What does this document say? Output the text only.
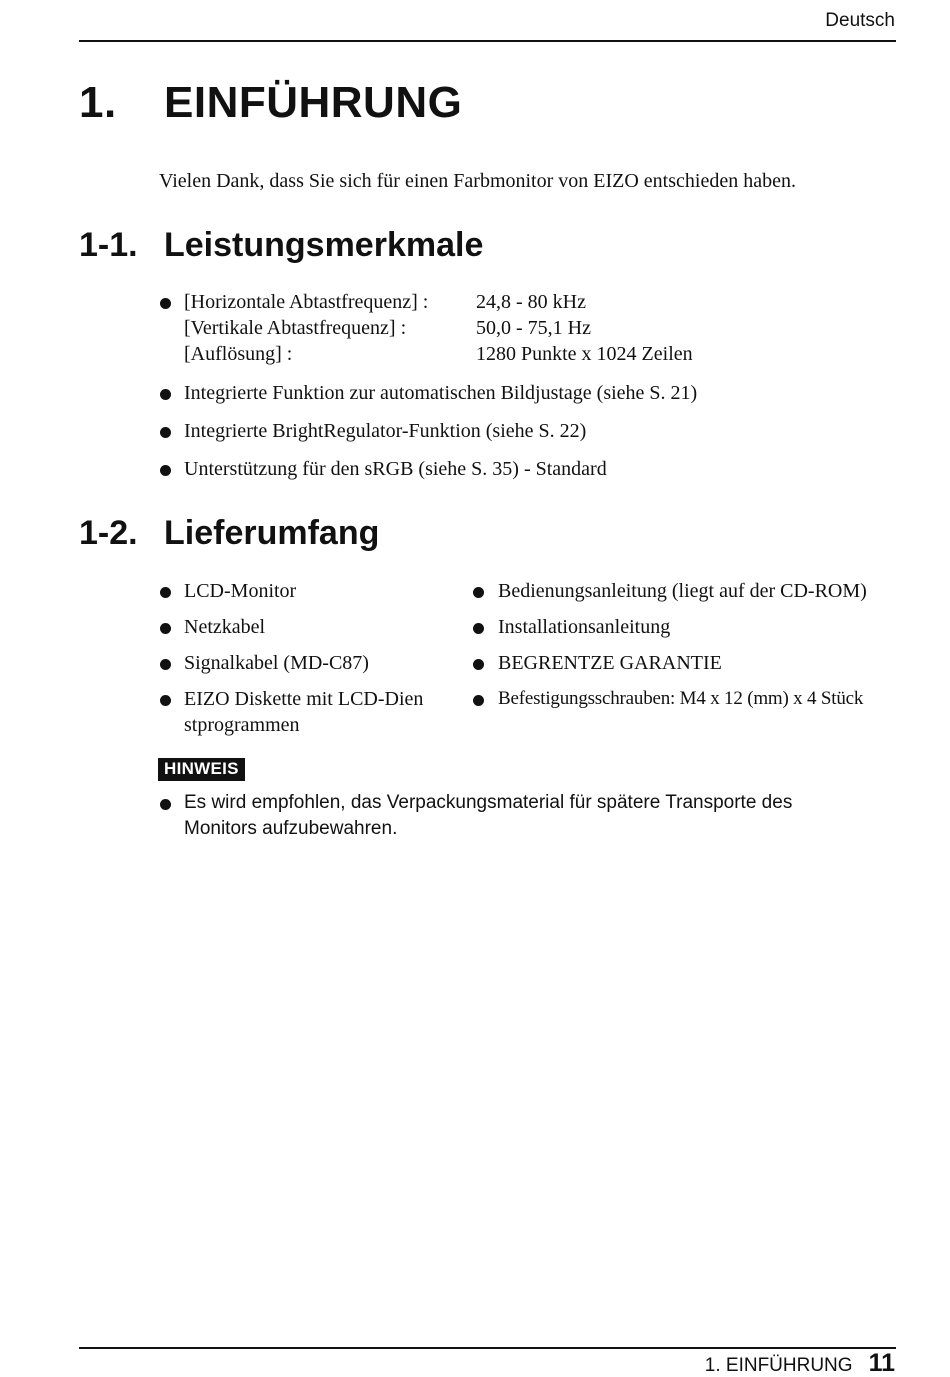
Deutsch
1. EINFÜHRUNG
Vielen Dank, dass Sie sich für einen Farbmonitor von EIZO entschieden haben.
1-1. Leistungsmerkmale
[Horizontale Abtastfrequenz] : 24,8 - 80 kHz
[Vertikale Abtastfrequenz] :	50,0 - 75,1 Hz
[Auflösung] :	1280 Punkte x 1024 Zeilen
Integrierte Funktion zur automatischen Bildjustage (siehe S. 21)
Integrierte BrightRegulator-Funktion (siehe S. 22)
Unterstützung für den sRGB (siehe S. 35) - Standard
1-2. Lieferumfang
LCD-Monitor
Netzkabel
Signalkabel (MD-C87)
EIZO Diskette mit LCD-Dien
stprogrammen
Bedienungsanleitung (liegt auf der CD-ROM)
Installationsanleitung
BEGRENTZE GARANTIE
Befestigungsschrauben: M4 x 12 (mm) x 4 Stück
HINWEIS
Es wird empfohlen, das Verpackungsmaterial für spätere Transporte des
Monitors aufzubewahren.
1. EINFÜHRUNG 11
